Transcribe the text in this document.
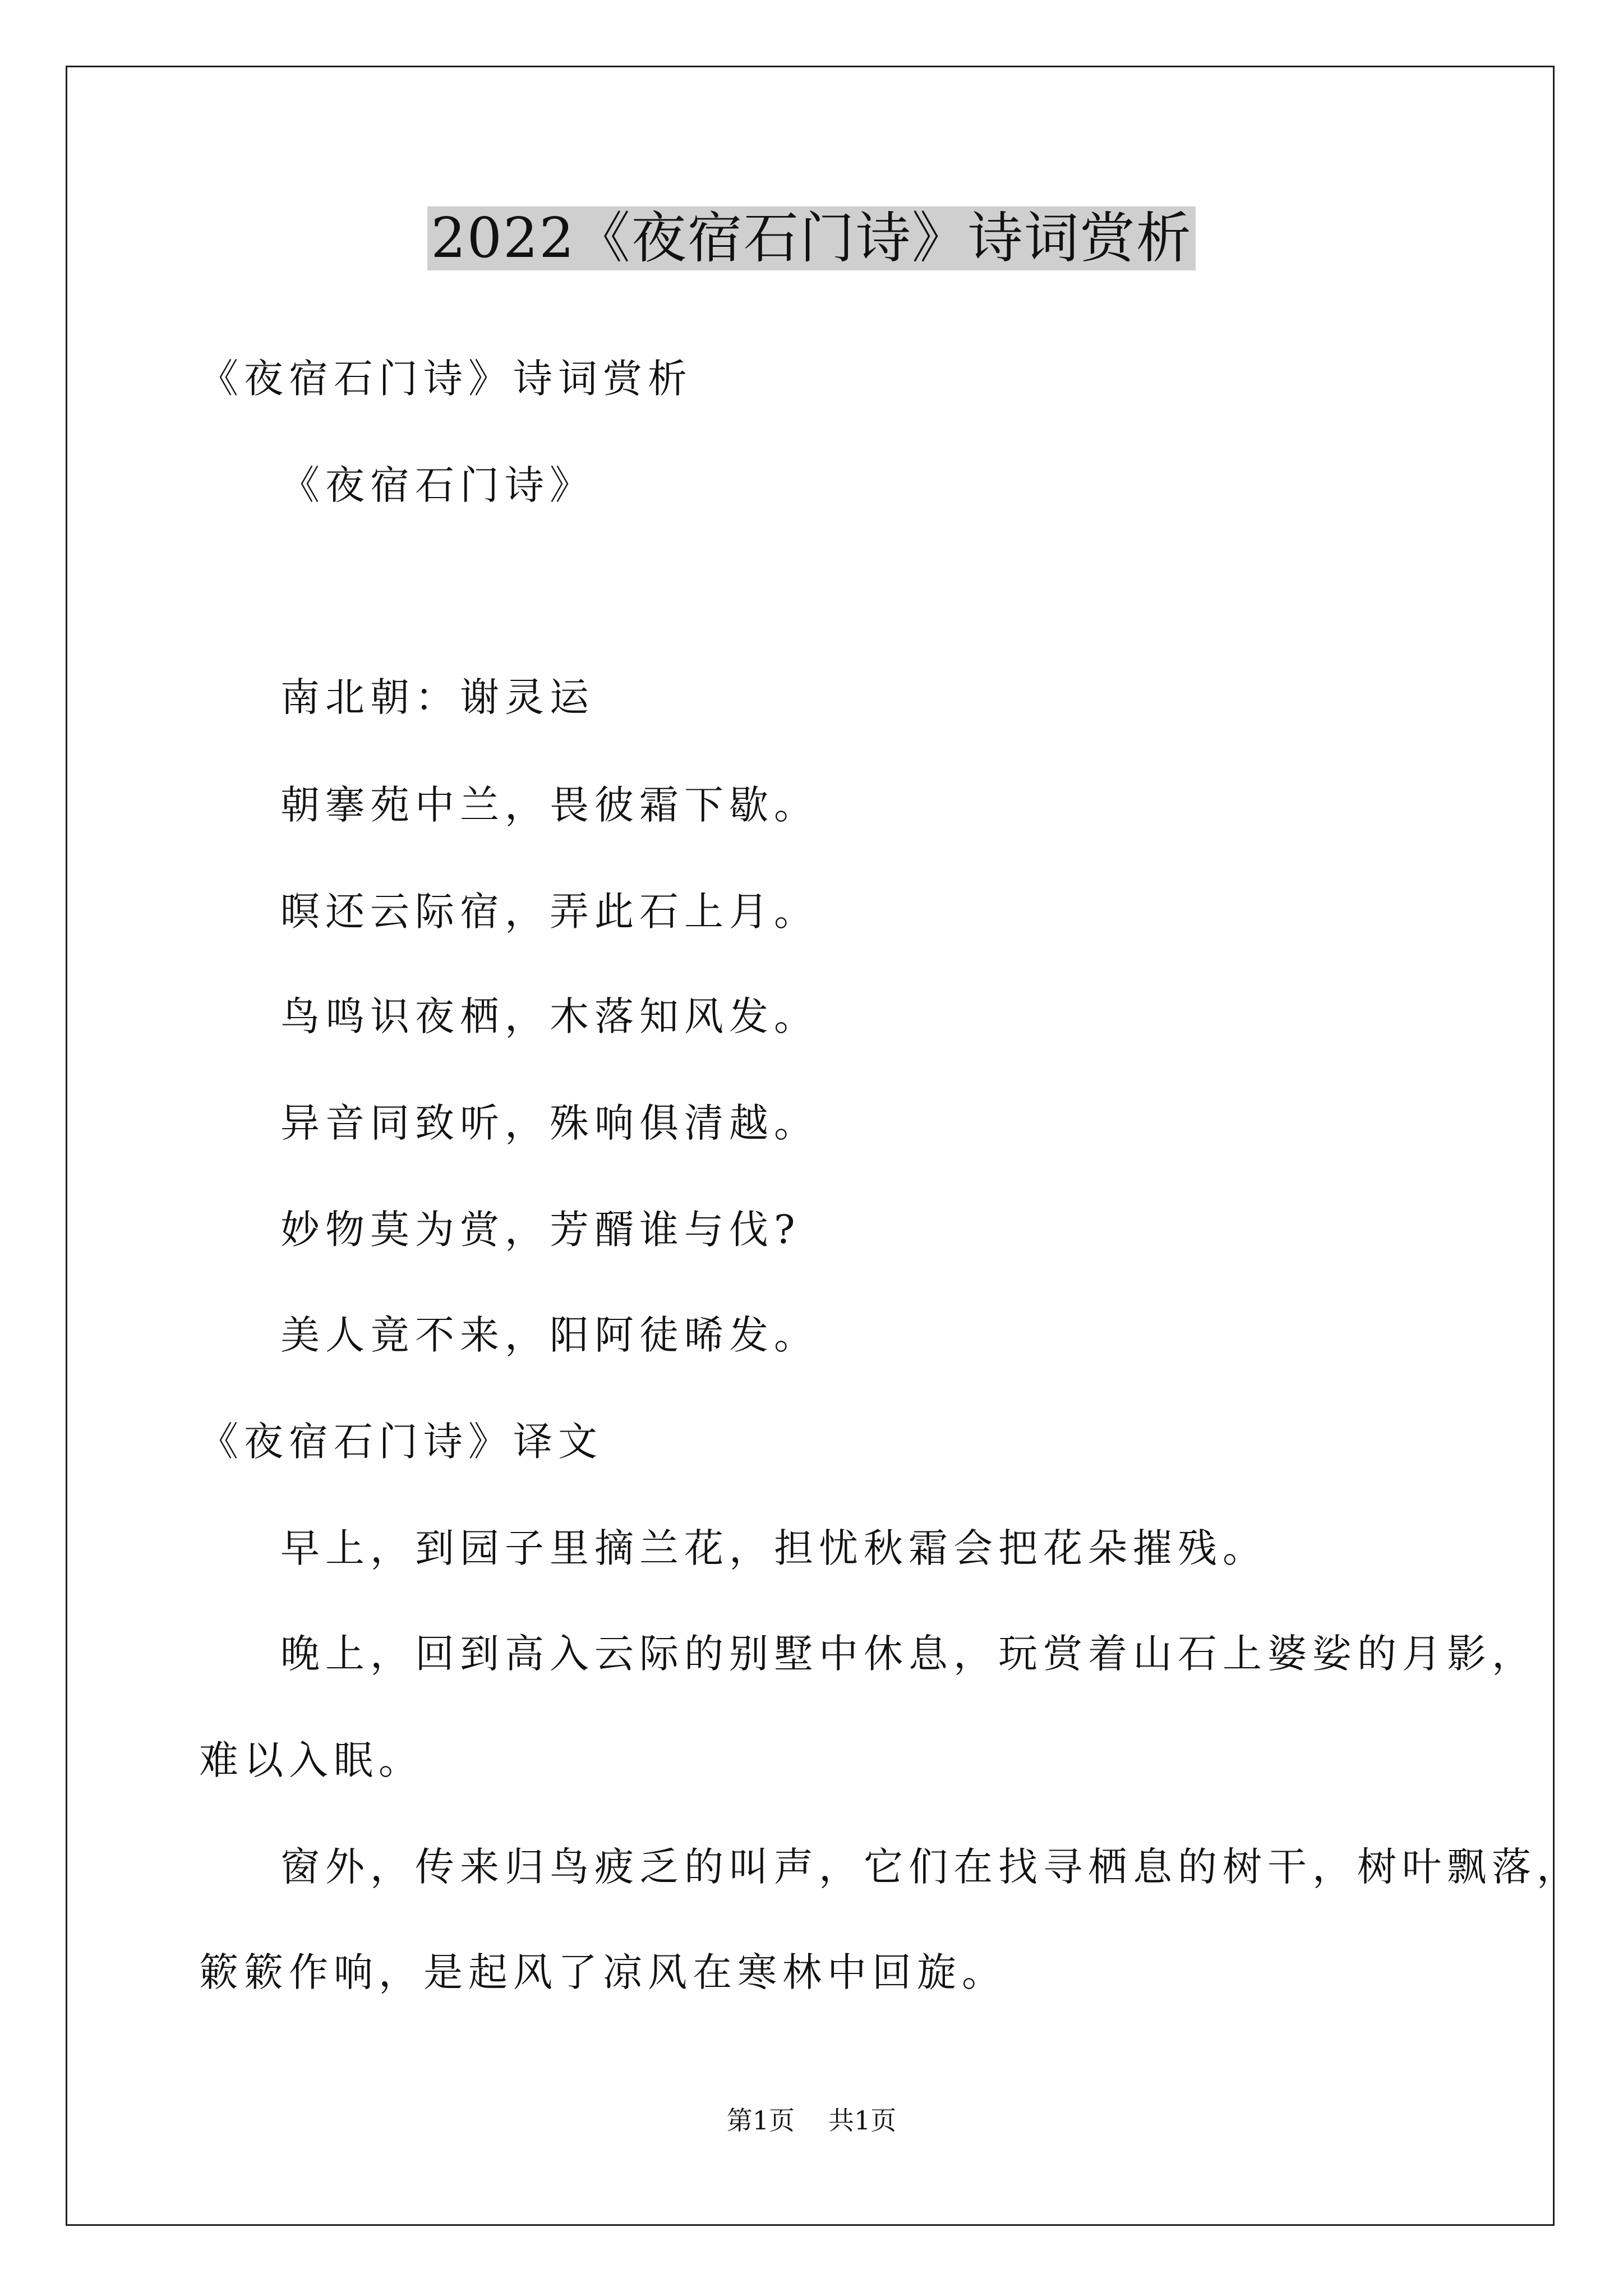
2022《夜宿石门诗》诗词赏析
《夜宿石门诗》诗词赏析
《夜宿石门诗》
南北朝：谢灵运
朝搴苑中兰，畏彼霜下歇。
暝还云际宿，弄此石上月。
鸟鸣识夜栖，木落知风发。
异音同致听，殊响俱清越。
妙物莫为赏，芳醑谁与伐?
美人竟不来，阳阿徒晞发。
《夜宿石门诗》译文
早上，到园子里摘兰花，担忧秋霜会把花朵摧残。
晚上，回到高入云际的别墅中休息，玩赏着山石上婆娑的月影，
难以入眠。
窗外，传来归鸟疲乏的叫声，它们在找寻栖息的树干，树叶飘落，
簌簌作响，是起风了凉风在寒林中回旋。
第1页 共1页
